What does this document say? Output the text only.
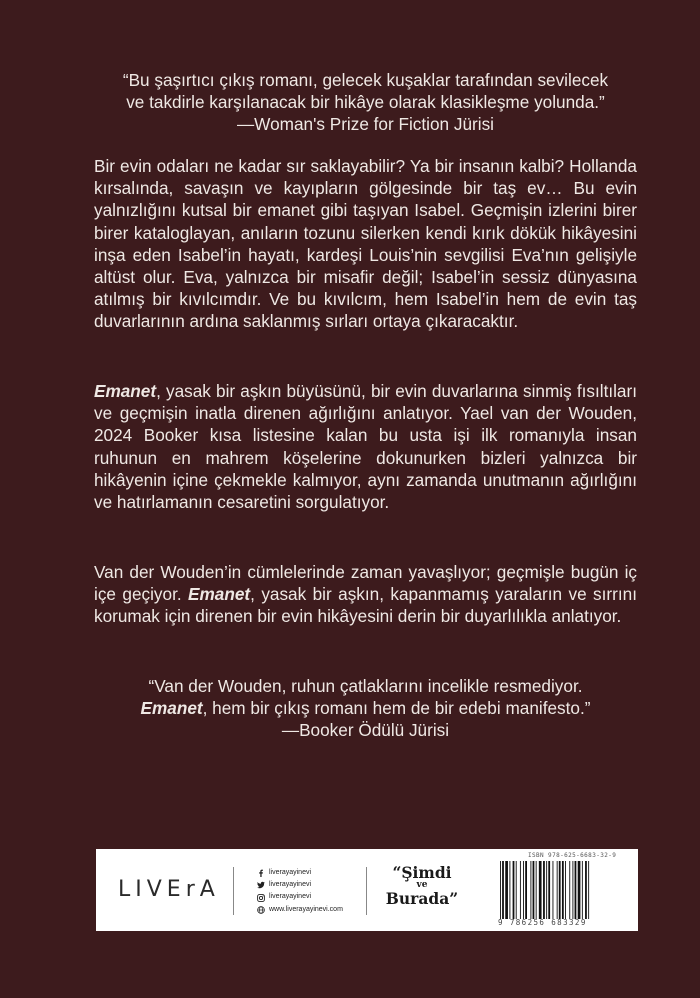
“Bu şaşırtıcı çıkış romanı, gelecek kuşaklar tarafından sevilecek
ve takdirle karşılanacak bir hikâye olarak klasikleşme yolunda.”
—Woman's Prize for Fiction Jürisi
Bir evin odaları ne kadar sır saklayabilir? Ya bir insanın kalbi? Hollanda kırsalında, savaşın ve kayıpların gölgesinde bir taş ev… Bu evin yalnızlığını kutsal bir emanet gibi taşıyan Isabel. Geçmişin izlerini birer birer kataloglayan, anıların tozunu silerken kendi kırık dökük hikâyesini inşa eden Isabel’in hayatı, kardeşi Louis’nin sevgilisi Eva’nın gelişiyle altüst olur. Eva, yalnızca bir misafir değil; Isabel’in sessiz dünyasına atılmış bir kıvılcımdır. Ve bu kıvılcım, hem Isabel’in hem de evin taş duvarlarının ardına saklanmış sırları ortaya çıkaracaktır.
Emanet, yasak bir aşkın büyüsünü, bir evin duvarlarına sinmiş fısıltıları ve geçmişin inatla direnen ağırlığını anlatıyor. Yael van der Wouden, 2024 Booker kısa listesine kalan bu usta işi ilk romanıyla insan ruhunun en mahrem köşelerine dokunurken bizleri yalnızca bir hikâyenin içine çekmekle kalmıyor, aynı zamanda unutmanın ağırlığını ve hatırlamanın cesaretini sorgulatıyor.
Van der Wouden’in cümlelerinde zaman yavaşlıyor; geçmişle bugün iç içe geçiyor. Emanet, yasak bir aşkın, kapanmamış yaraların ve sırrını korumak için direnen bir evin hikâyesini derin bir duyarlılıkla anlatıyor.
“Van der Wouden, ruhun çatlaklarını incelikle resmediyor.
Emanet, hem bir çıkış romanı hem de bir edebi manifesto.”
—Booker Ödülü Jürisi
LIVErA
liverayayinevi
liverayayinevi
liverayayinevi
www.liverayayinevi.com
“Şimdi
ve
Burada”
ISBN 978-625-6683-32-9
9 786256 683329
